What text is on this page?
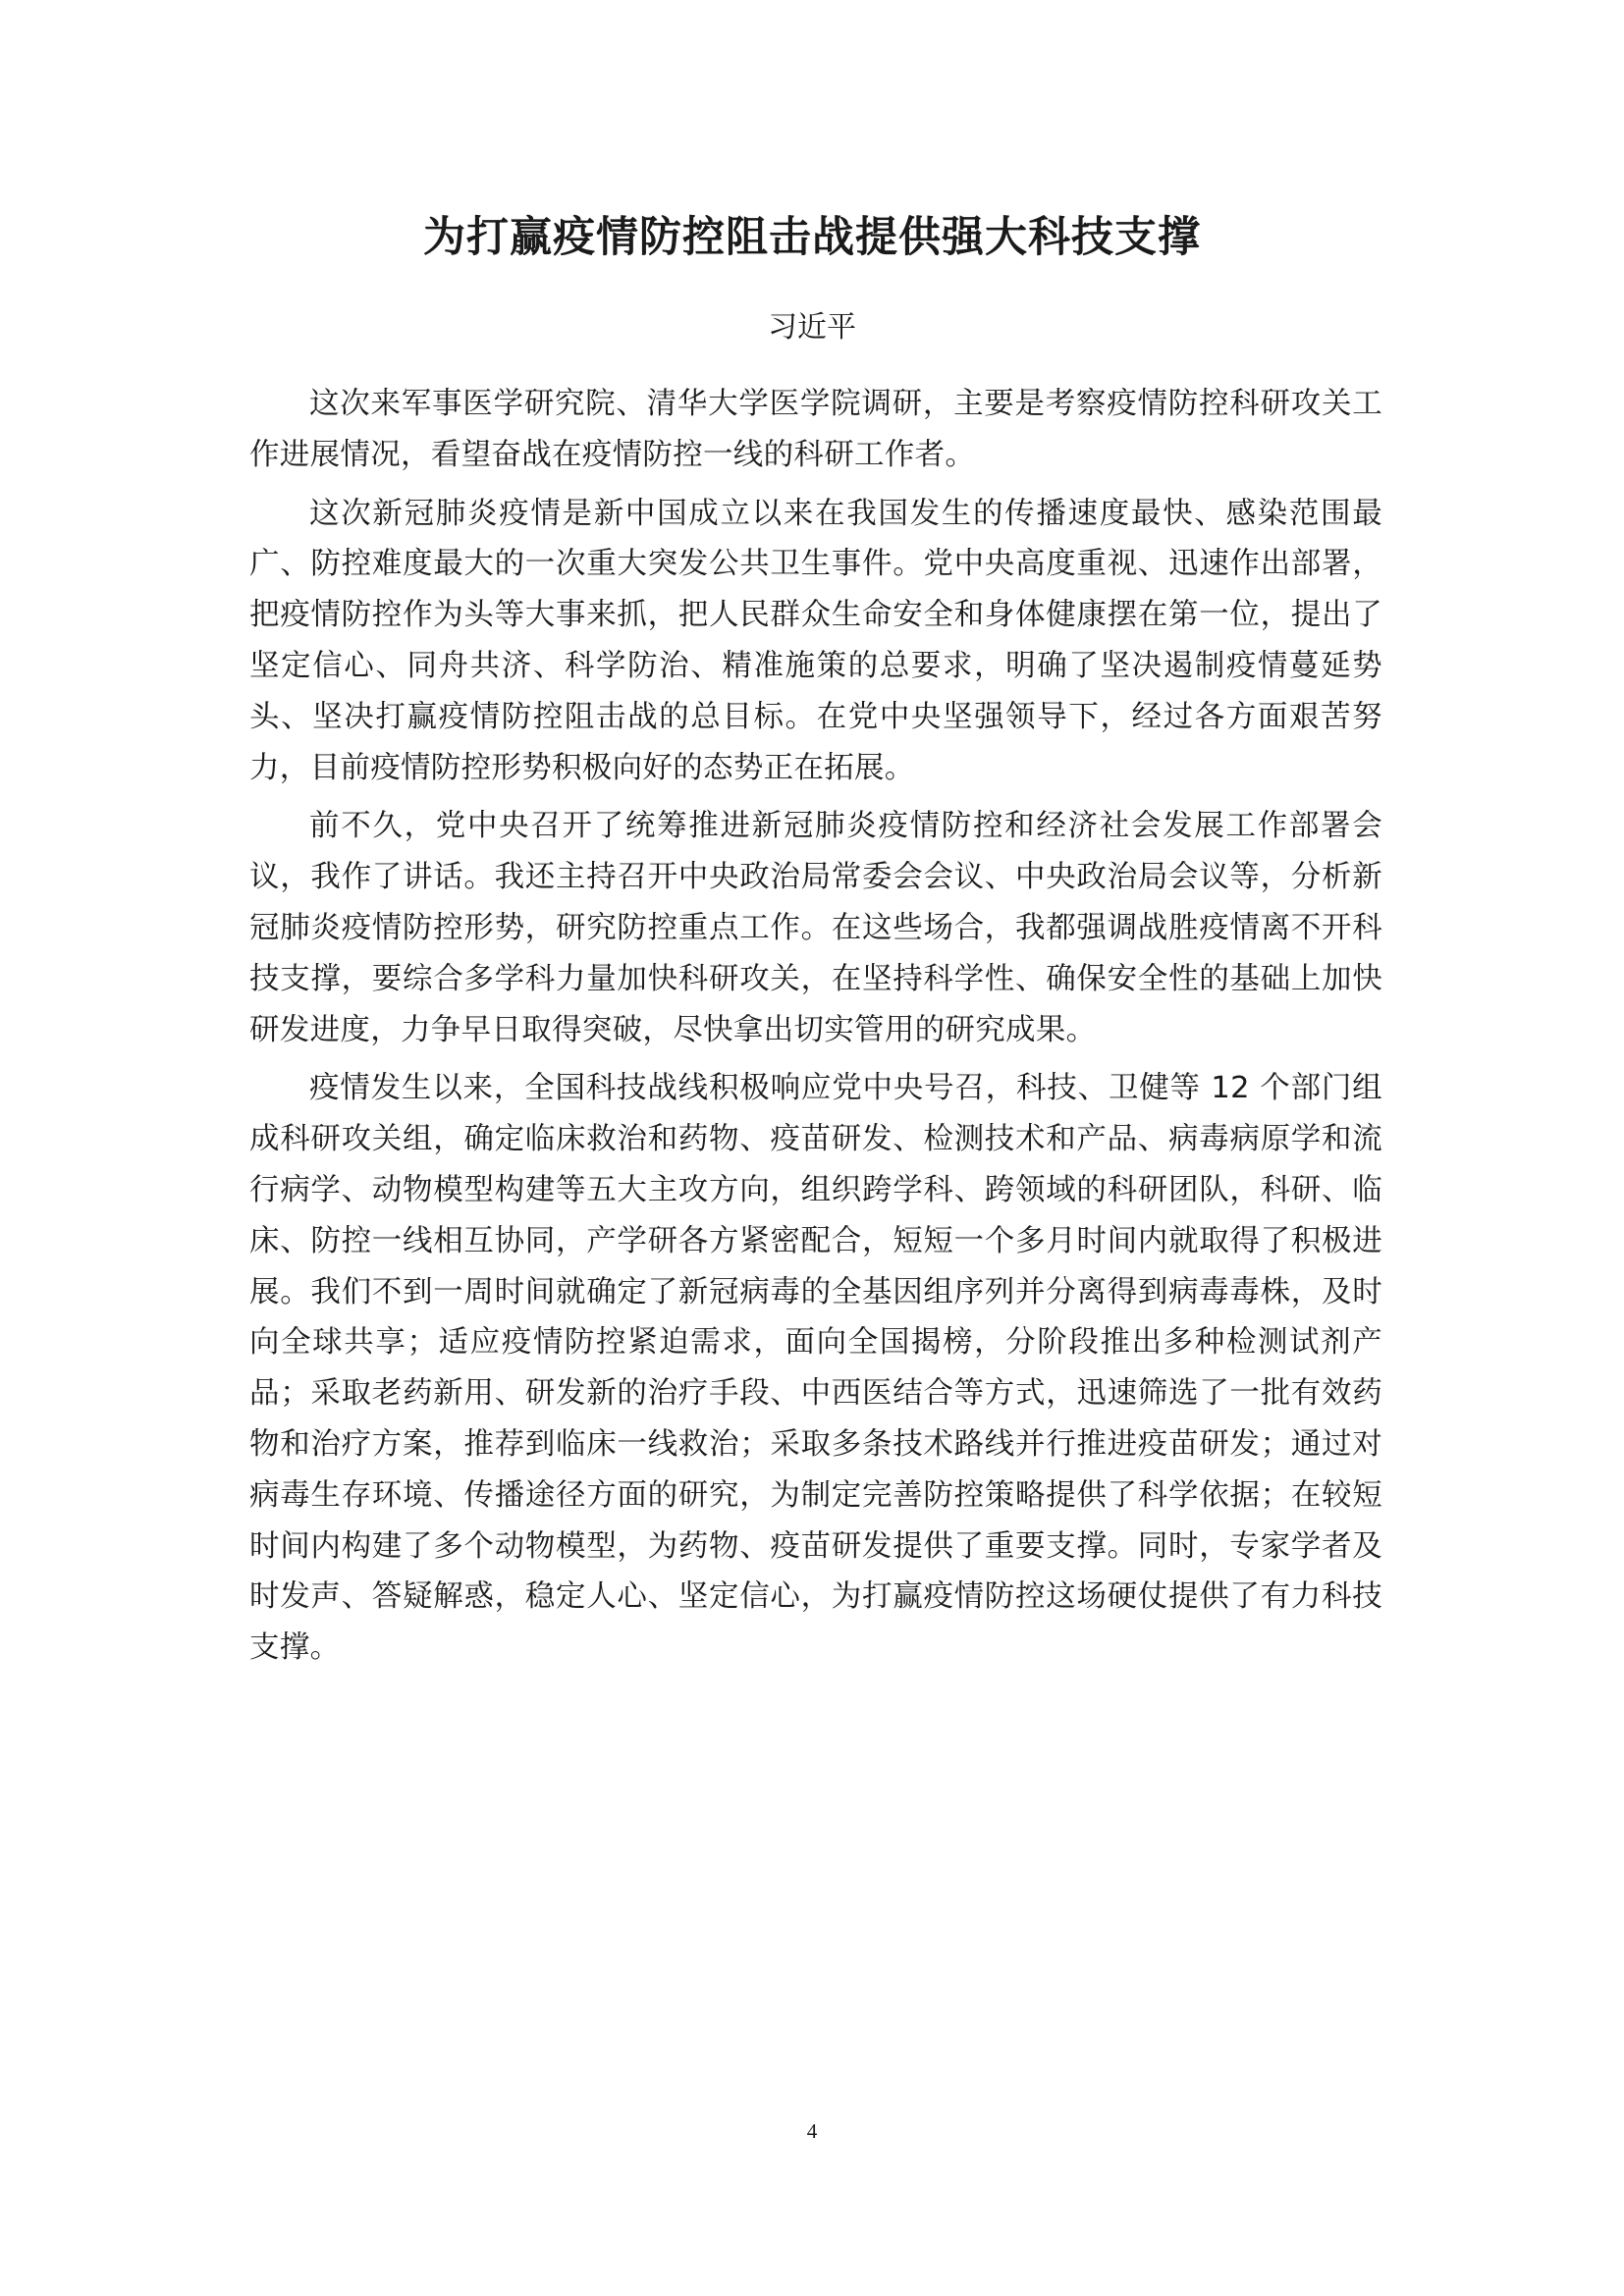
为打赢疫情防控阻击战提供强大科技支撑

习近平

这次来军事医学研究院、清华大学医学院调研，主要是考察疫情防控科研攻关工作进展情况，看望奋战在疫情防控一线的科研工作者。

这次新冠肺炎疫情是新中国成立以来在我国发生的传播速度最快、感染范围最广、防控难度最大的一次重大突发公共卫生事件。党中央高度重视、迅速作出部署，把疫情防控作为头等大事来抓，把人民群众生命安全和身体健康摆在第一位，提出了坚定信心、同舟共济、科学防治、精准施策的总要求，明确了坚决遏制疫情蔓延势头、坚决打赢疫情防控阻击战的总目标。在党中央坚强领导下，经过各方面艰苦努力，目前疫情防控形势积极向好的态势正在拓展。

前不久，党中央召开了统筹推进新冠肺炎疫情防控和经济社会发展工作部署会议，我作了讲话。我还主持召开中央政治局常委会会议、中央政治局会议等，分析新冠肺炎疫情防控形势，研究防控重点工作。在这些场合，我都强调战胜疫情离不开科技支撑，要综合多学科力量加快科研攻关，在坚持科学性、确保安全性的基础上加快研发进度，力争早日取得突破，尽快拿出切实管用的研究成果。

疫情发生以来，全国科技战线积极响应党中央号召，科技、卫健等 12 个部门组成科研攻关组，确定临床救治和药物、疫苗研发、检测技术和产品、病毒病原学和流行病学、动物模型构建等五大主攻方向，组织跨学科、跨领域的科研团队，科研、临床、防控一线相互协同，产学研各方紧密配合，短短一个多月时间内就取得了积极进展。我们不到一周时间就确定了新冠病毒的全基因组序列并分离得到病毒毒株，及时向全球共享；适应疫情防控紧迫需求，面向全国揭榜，分阶段推出多种检测试剂产品；采取老药新用、研发新的治疗手段、中西医结合等方式，迅速筛选了一批有效药物和治疗方案，推荐到临床一线救治；采取多条技术路线并行推进疫苗研发；通过对病毒生存环境、传播途径方面的研究，为制定完善防控策略提供了科学依据；在较短时间内构建了多个动物模型，为药物、疫苗研发提供了重要支撑。同时，专家学者及时发声、答疑解惑，稳定人心、坚定信心，为打赢疫情防控这场硬仗提供了有力科技支撑。

4
